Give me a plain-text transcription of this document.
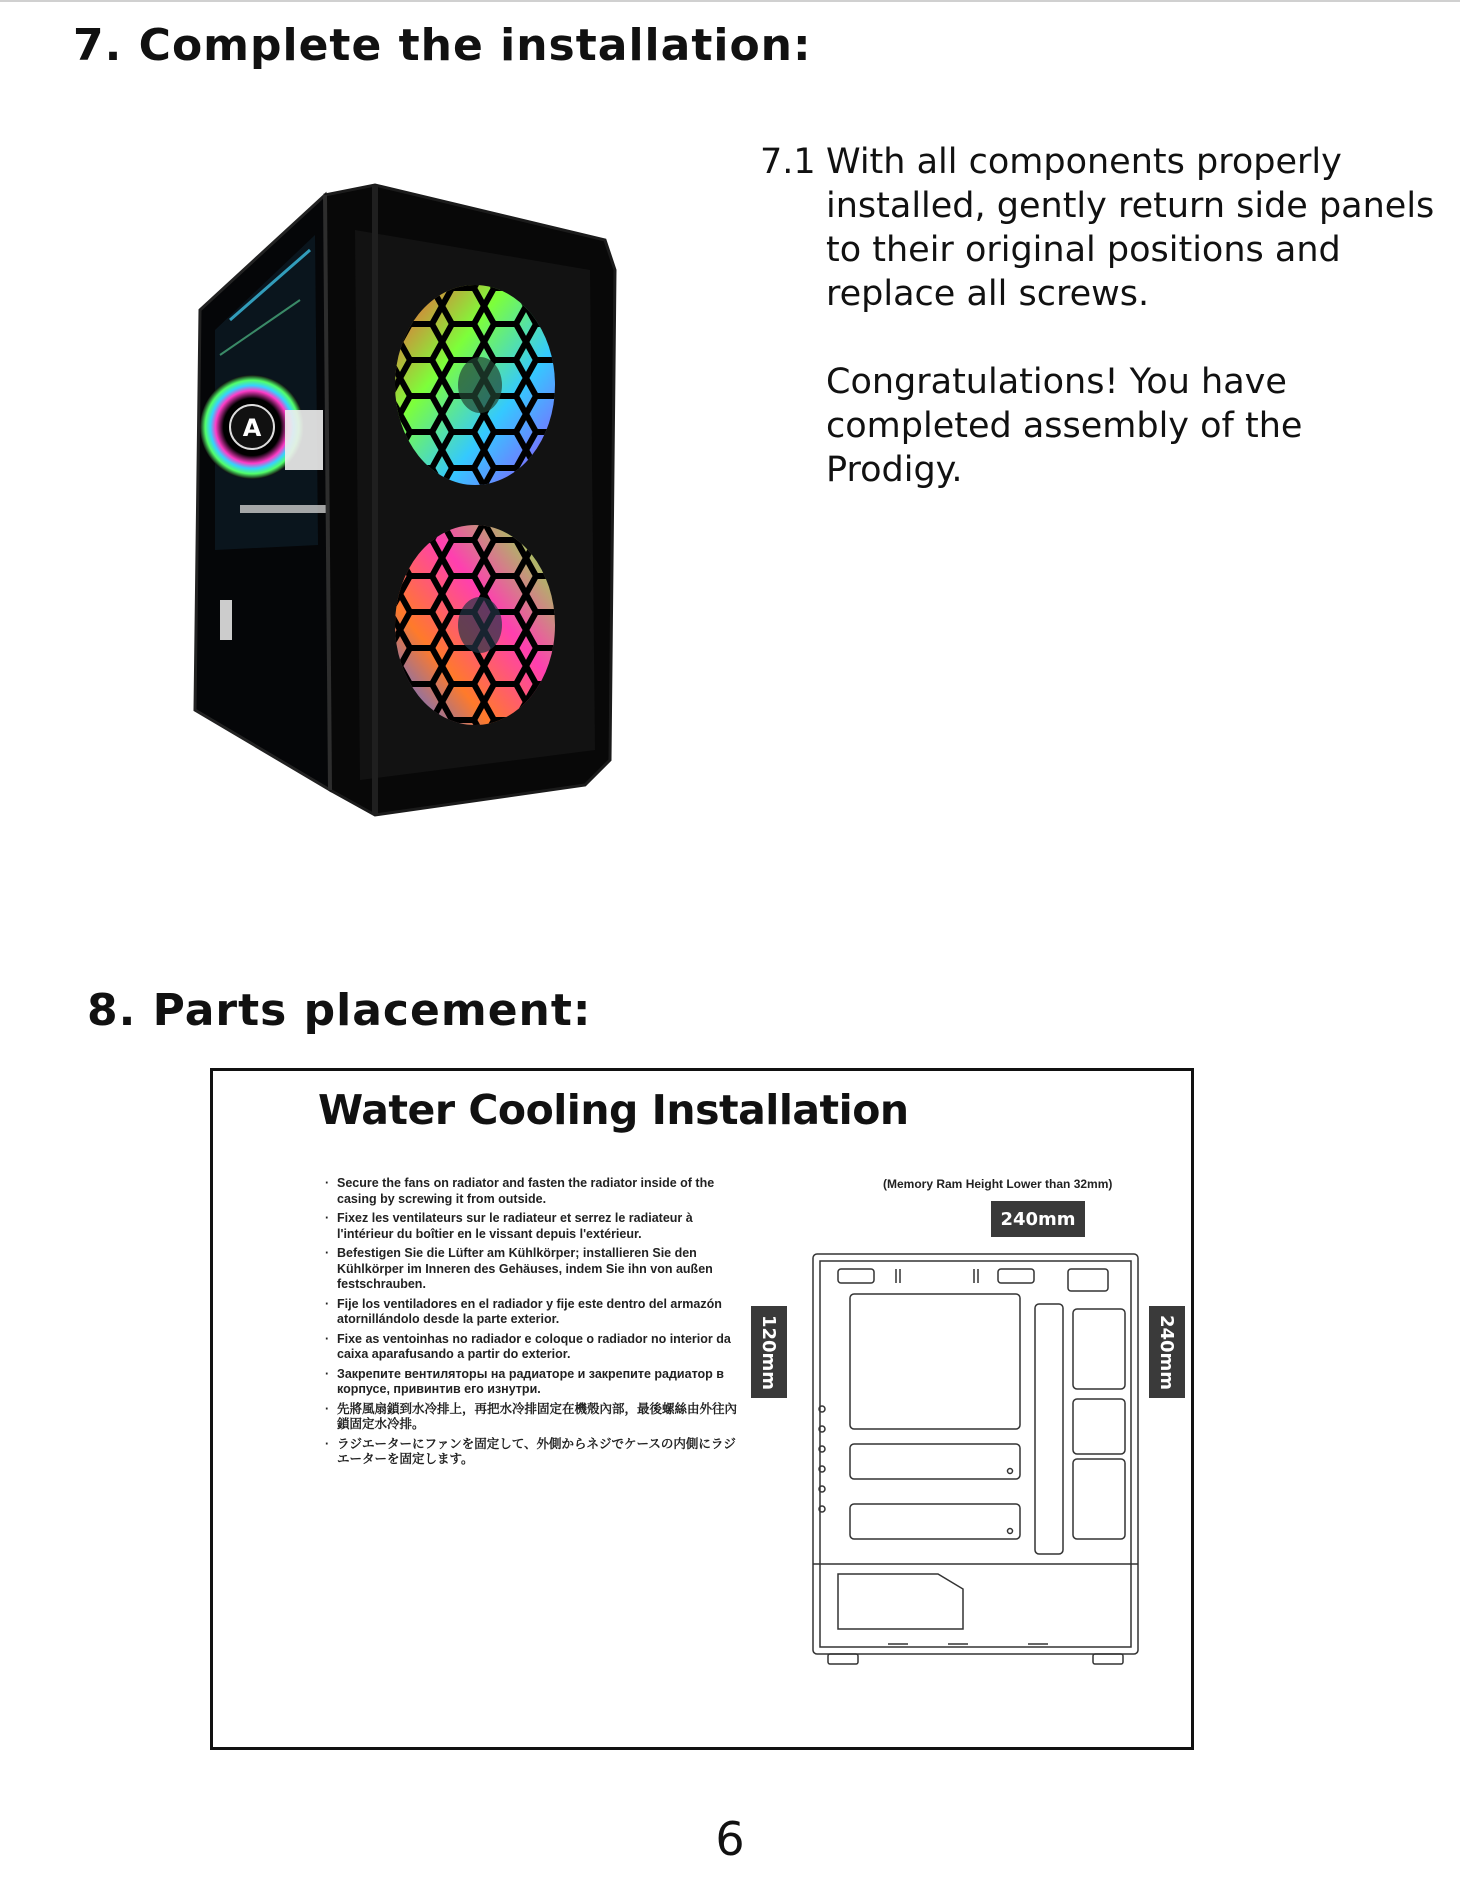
7. Complete the installation:
A
7.1 With all components properly installed, gently return side panels to their original positions and replace all screws.
Congratulations! You have completed assembly of the Prodigy.
8. Parts placement:
Water Cooling Installation
· Secure the fans on radiator and fasten the radiator inside of the casing by screwing it from outside.
· Fixez les ventilateurs sur le radiateur et serrez le radiateur à l'intérieur du boîtier en le vissant depuis l'extérieur.
· Befestigen Sie die Lüfter am Kühlkörper; installieren Sie den Kühlkörper im Inneren des Gehäuses, indem Sie ihn von außen festschrauben.
· Fije los ventiladores en el radiador y fije este dentro del armazón atornillándolo desde la parte exterior.
· Fixe as ventoinhas no radiador e coloque o radiador no interior da caixa aparafusando a partir do exterior.
· Закрепите вентиляторы на радиаторе и закрепите радиатор в корпусе, привинтив его изнутри.
· 先將風扇鎖到水冷排上，再把水冷排固定在機殼內部，最後螺絲由外往內鎖固定水冷排。
· ラジエーターにファンを固定して、外側からネジでケースの内側にラジエーターを固定します。
(Memory Ram Height Lower than 32mm)
240mm
120mm	240mm
6
